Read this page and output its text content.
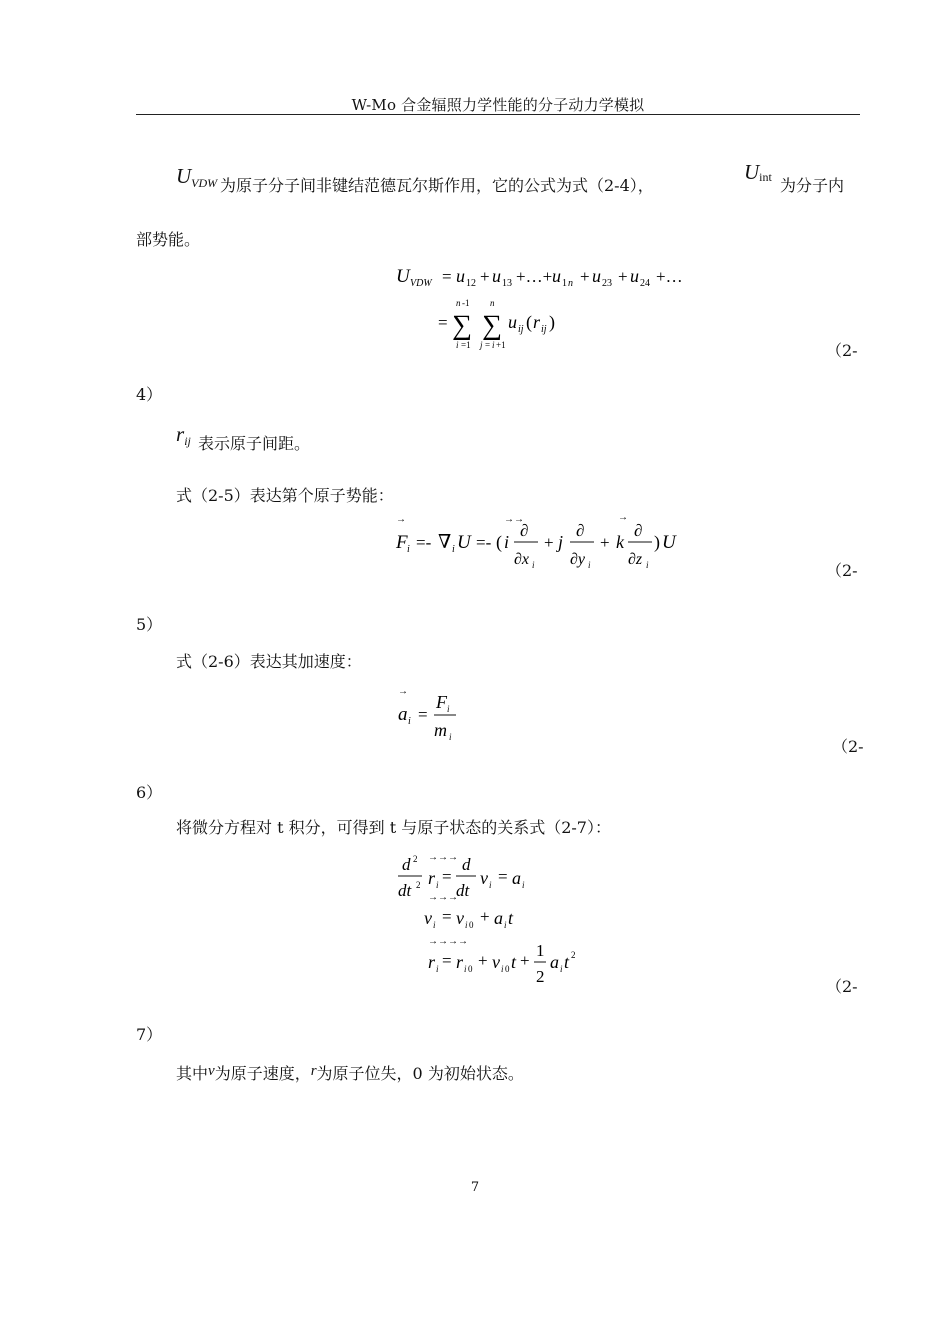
W-Mo 合金辐照力学性能的分子动力学模拟
$U_{VDW}$ 为原子分子间非键结范德瓦尔斯作用，它的公式为式（2-4），
Uint 为分子内
部势能。
U VDW = u 12 + u 13 +…+ u 1 n + u 23 + u 24 +…
=
n -1
∑
i =1
n
∑
j = i +1
u ij ( r ij )
（2-
4）
$r_{ij}$ 表示原子间距。
式（2-5）表达第个原子势能：
→
F i =- ∇ i U =- ( i
→→
∂
∂x i
+ j
∂
∂y i
+ k
→
∂
∂z i
) U
（2-
5）
式（2-6）表达其加速度：
→
a i =
F i
m i	（2-
6）
将微分方程对 t 积分，可得到 t 与原子状态的关系式（2-7）：
d 2
dt 2
→→→
r i =
d
dt
v i = a i
→→→
v i = v i 0 + a i t
→→→→
r i = r i 0 + v i 0 t +
1
2
a i t 2
（2-
7）
其中v为原子速度，r为原子位失，0 为初始状态。
7
